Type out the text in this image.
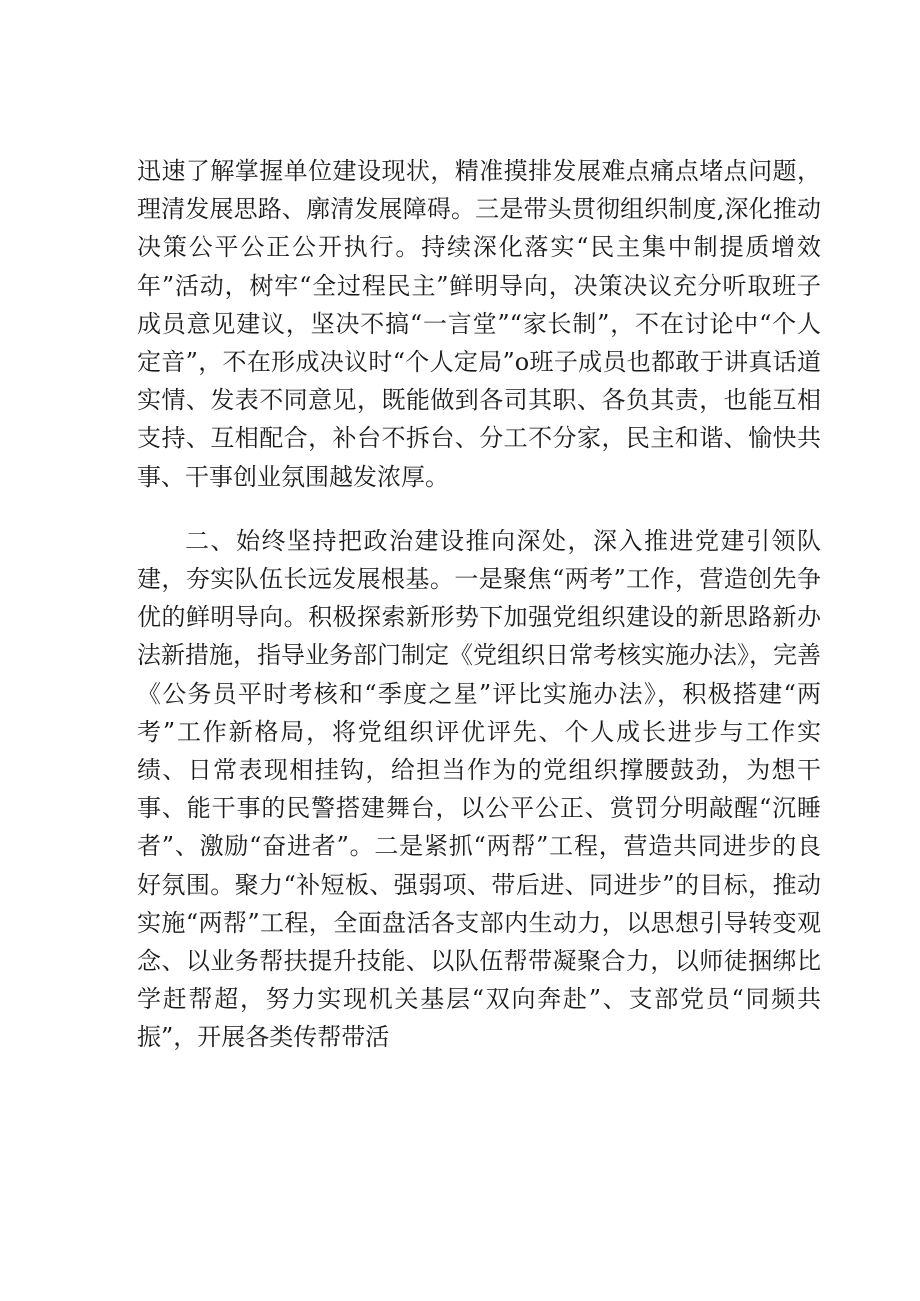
迅速了解掌握单位建设现状，精准摸排发展难点痛点堵点问题，理清发展思路、廓清发展障碍。三是带头贯彻组织制度,深化推动决策公平公正公开执行。持续深化落实“民主集中制提质增效年”活动，树牢“全过程民主”鲜明导向，决策决议充分听取班子成员意见建议，坚决不搞“一言堂”“家长制”，不在讨论中“个人定音”，不在形成决议时“个人定局”o班子成员也都敢于讲真话道实情、发表不同意见，既能做到各司其职、各负其责，也能互相支持、互相配合，补台不拆台、分工不分家，民主和谐、愉快共事、干事创业氛围越发浓厚。

二、始终坚持把政治建设推向深处，深入推进党建引领队建，夯实队伍长远发展根基。一是聚焦“两考”工作，营造创先争优的鲜明导向。积极探索新形势下加强党组织建设的新思路新办法新措施，指导业务部门制定《党组织日常考核实施办法》，完善《公务员平时考核和“季度之星”评比实施办法》，积极搭建“两考”工作新格局，将党组织评优评先、个人成长进步与工作实绩、日常表现相挂钩，给担当作为的党组织撑腰鼓劲，为想干事、能干事的民警搭建舞台，以公平公正、赏罚分明敲醒“沉睡者”、激励“奋进者”。二是紧抓“两帮”工程，营造共同进步的良好氛围。聚力“补短板、强弱项、带后进、同进步”的目标，推动实施“两帮”工程，全面盘活各支部内生动力，以思想引导转变观念、以业务帮扶提升技能、以队伍帮带凝聚合力，以师徒捆绑比学赶帮超，努力实现机关基层“双向奔赴”、支部党员“同频共振”，开展各类传帮带活
